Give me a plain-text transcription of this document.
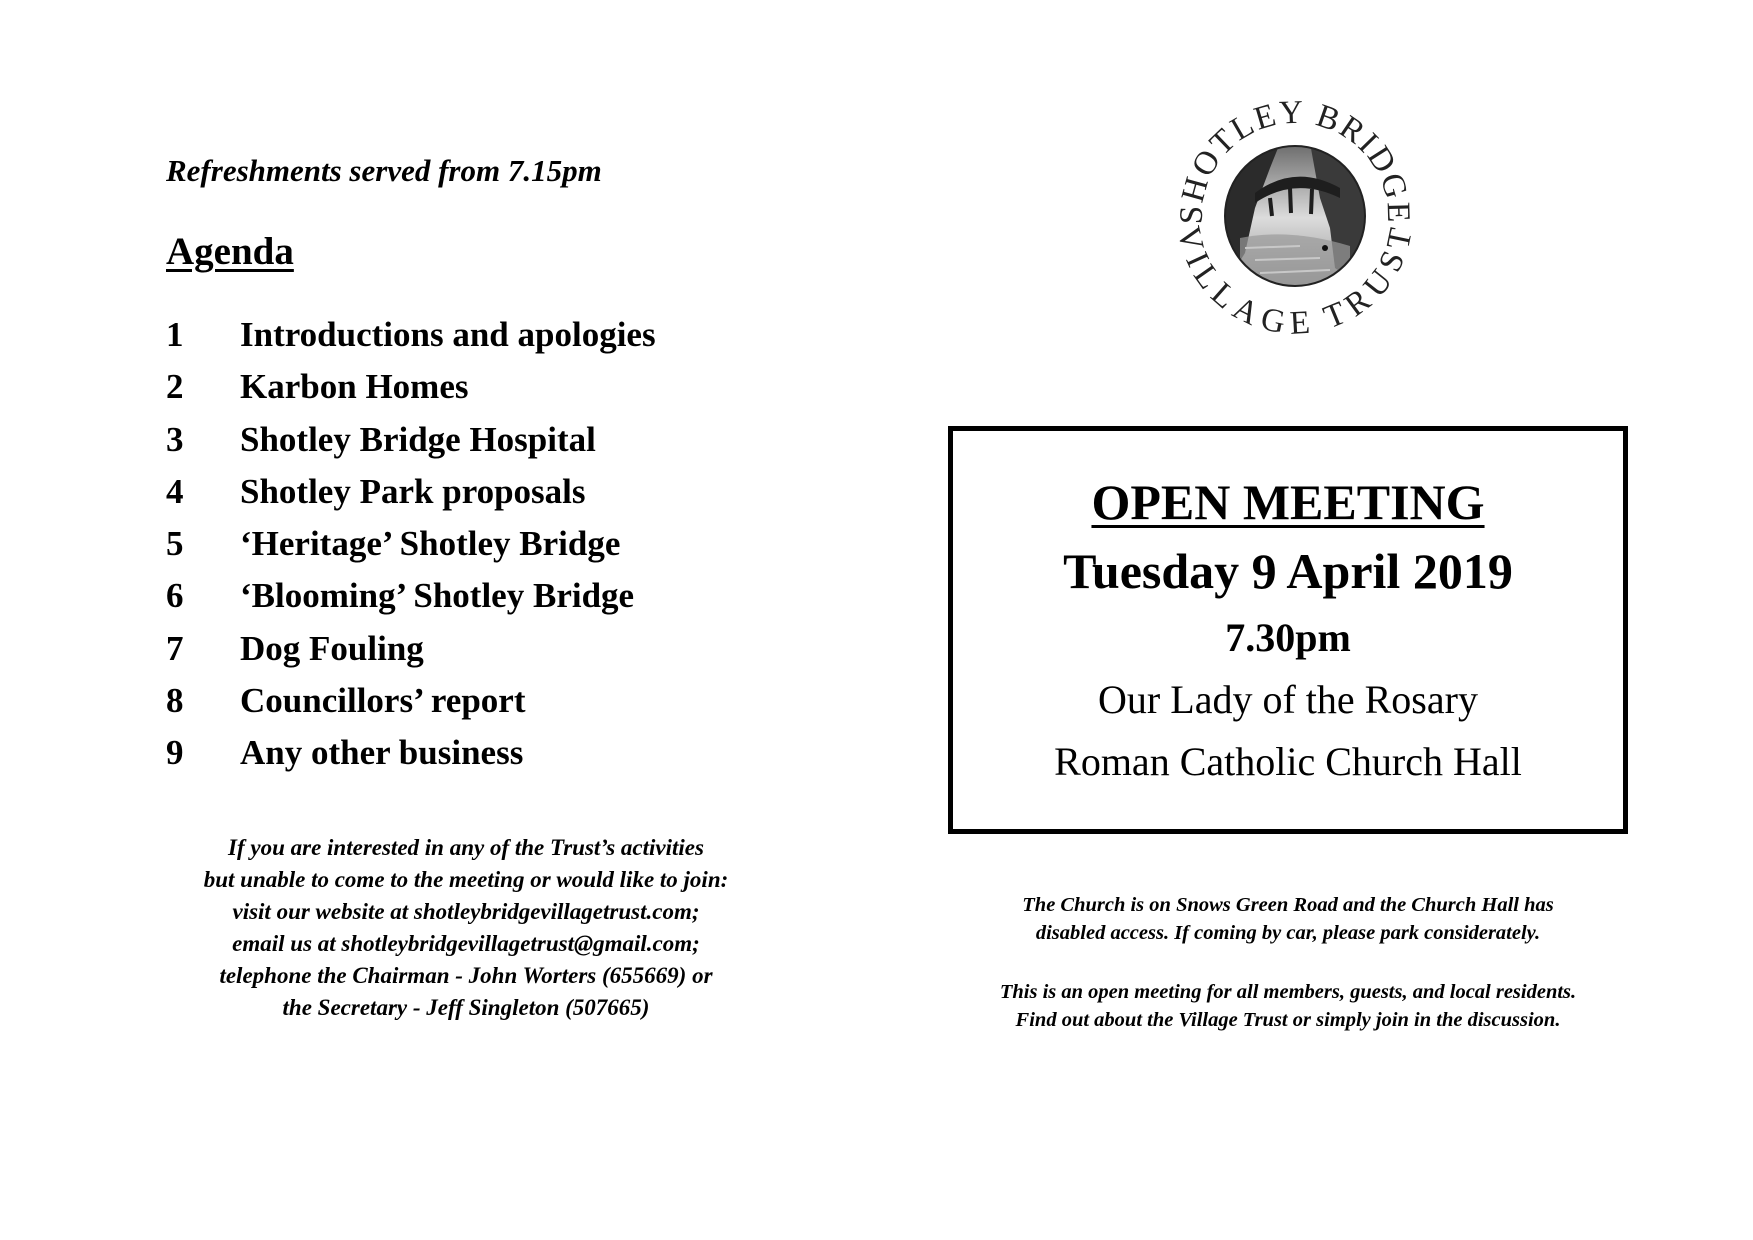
Refreshments served from 7.15pm
Agenda
1 Introductions and apologies
2 Karbon Homes
3 Shotley Bridge Hospital
4 Shotley Park proposals
5 ‘Heritage’ Shotley Bridge
6 ‘Blooming’ Shotley Bridge
7 Dog Fouling
8 Councillors’ report
9 Any other business
If you are interested in any of the Trust’s activities
but unable to come to the meeting or would like to join:
visit our website at shotleybridgevillagetrust.com;
email us at shotleybridgevillagetrust@gmail.com;
telephone the Chairman - John Worters (655669) or
the Secretary - Jeff Singleton (507665)
SHOTLEY BRIDGE
VILLAGE TRUST
OPEN MEETING
Tuesday 9 April 2019
7.30pm
Our Lady of the Rosary
Roman Catholic Church Hall
The Church is on Snows Green Road and the Church Hall has
disabled access. If coming by car, please park considerately.
This is an open meeting for all members, guests, and local residents.
Find out about the Village Trust or simply join in the discussion.
